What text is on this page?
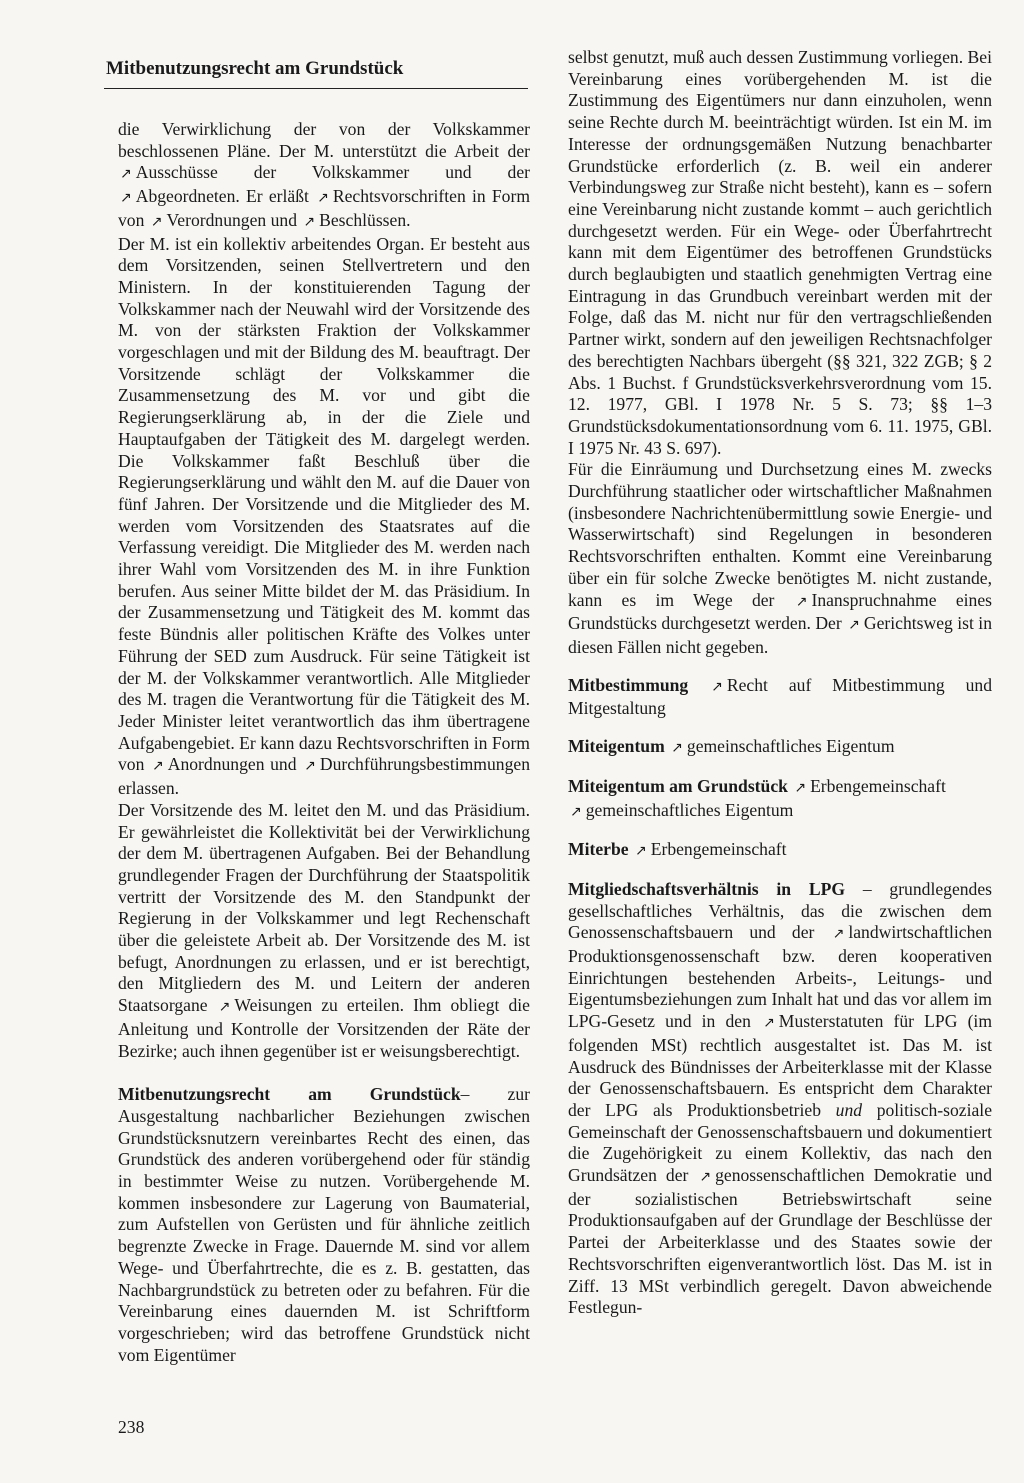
Mitbenutzungsrecht am Grundstück

die Verwirklichung der von der Volkskammer beschlossenen Pläne. Der M. unterstützt die Arbeit der ↗ Ausschüsse der Volkskammer und der ↗ Abgeordneten. Er erläßt ↗ Rechtsvorschriften in Form von ↗ Verordnungen und ↗ Beschlüssen.

Der M. ist ein kollektiv arbeitendes Organ. Er besteht aus dem Vorsitzenden, seinen Stellvertretern und den Ministern. In der konstituierenden Tagung der Volkskammer nach der Neuwahl wird der Vorsitzende des M. von der stärksten Fraktion der Volkskammer vorgeschlagen und mit der Bildung des M. beauftragt. Der Vorsitzende schlägt der Volkskammer die Zusammensetzung des M. vor und gibt die Regierungserklärung ab, in der die Ziele und Hauptaufgaben der Tätigkeit des M. dargelegt werden. Die Volkskammer faßt Beschluß über die Regierungserklärung und wählt den M. auf die Dauer von fünf Jahren. Der Vorsitzende und die Mitglieder des M. werden vom Vorsitzenden des Staatsrates auf die Verfassung vereidigt. Die Mitglieder des M. werden nach ihrer Wahl vom Vorsitzenden des M. in ihre Funktion berufen. Aus seiner Mitte bildet der M. das Präsidium. In der Zusammensetzung und Tätigkeit des M. kommt das feste Bündnis aller politischen Kräfte des Volkes unter Führung der SED zum Ausdruck. Für seine Tätigkeit ist der M. der Volkskammer verantwortlich. Alle Mitglieder des M. tragen die Verantwortung für die Tätigkeit des M. Jeder Minister leitet verantwortlich das ihm übertragene Aufgabengebiet. Er kann dazu Rechtsvorschriften in Form von ↗ Anordnungen und ↗ Durchführungsbestimmungen erlassen.

Der Vorsitzende des M. leitet den M. und das Präsidium. Er gewährleistet die Kollektivität bei der Verwirklichung der dem M. übertragenen Aufgaben. Bei der Behandlung grundlegender Fragen der Durchführung der Staatspolitik vertritt der Vorsitzende des M. den Standpunkt der Regierung in der Volkskammer und legt Rechenschaft über die geleistete Arbeit ab. Der Vorsitzende des M. ist befugt, Anordnungen zu erlassen, und er ist berechtigt, den Mitgliedern des M. und Leitern der anderen Staatsorgane ↗ Weisungen zu erteilen. Ihm obliegt die Anleitung und Kontrolle der Vorsitzenden der Räte der Bezirke; auch ihnen gegenüber ist er weisungsberechtigt.

Mitbenutzungsrecht am Grundstück– zur Ausgestaltung nachbarlicher Beziehungen zwischen Grundstücksnutzern vereinbartes Recht des einen, das Grundstück des anderen vorübergehend oder für ständig in bestimmter Weise zu nutzen. Vorübergehende M. kommen insbesondere zur Lagerung von Baumaterial, zum Aufstellen von Gerüsten und für ähnliche zeitlich begrenzte Zwecke in Frage. Dauernde M. sind vor allem Wege- und Überfahrtrechte, die es z. B. gestatten, das Nachbargrundstück zu betreten oder zu befahren. Für die Vereinbarung eines dauernden M. ist Schriftform vorgeschrieben; wird das betroffene Grundstück nicht vom Eigentümer

selbst genutzt, muß auch dessen Zustimmung vorliegen. Bei Vereinbarung eines vorübergehenden M. ist die Zustimmung des Eigentümers nur dann einzuholen, wenn seine Rechte durch M. beeinträchtigt würden. Ist ein M. im Interesse der ordnungsgemäßen Nutzung benachbarter Grundstücke erforderlich (z. B. weil ein anderer Verbindungsweg zur Straße nicht besteht), kann es – sofern eine Vereinbarung nicht zustande kommt – auch gerichtlich durchgesetzt werden. Für ein Wege- oder Überfahrtrecht kann mit dem Eigentümer des betroffenen Grundstücks durch beglaubigten und staatlich genehmigten Vertrag eine Eintragung in das Grundbuch vereinbart werden mit der Folge, daß das M. nicht nur für den vertragschließenden Partner wirkt, sondern auf den jeweiligen Rechtsnachfolger des berechtigten Nachbars übergeht (§§ 321, 322 ZGB; § 2 Abs. 1 Buchst. f Grundstücksverkehrsverordnung vom 15. 12. 1977, GBl. I 1978 Nr. 5 S. 73; §§ 1–3 Grundstücksdokumentationsordnung vom 6. 11. 1975, GBl. I 1975 Nr. 43 S. 697).

Für die Einräumung und Durchsetzung eines M. zwecks Durchführung staatlicher oder wirtschaftlicher Maßnahmen (insbesondere Nachrichtenübermittlung sowie Energie- und Wasserwirtschaft) sind Regelungen in besonderen Rechtsvorschriften enthalten. Kommt eine Vereinbarung über ein für solche Zwecke benötigtes M. nicht zustande, kann es im Wege der ↗ Inanspruchnahme eines Grundstücks durchgesetzt werden. Der ↗ Gerichtsweg ist in diesen Fällen nicht gegeben.

Mitbestimmung ↗ Recht auf Mitbestimmung und Mitgestaltung

Miteigentum ↗ gemeinschaftliches Eigentum

Miteigentum am Grundstück ↗ Erbengemeinschaft
↗ gemeinschaftliches Eigentum

Miterbe ↗ Erbengemeinschaft

Mitgliedschaftsverhältnis in LPG – grundlegendes gesellschaftliches Verhältnis, das die zwischen dem Genossenschaftsbauern und der ↗ landwirtschaftlichen Produktionsgenossenschaft bzw. deren kooperativen Einrichtungen bestehenden Arbeits-, Leitungs- und Eigentumsbeziehungen zum Inhalt hat und das vor allem im LPG-Gesetz und in den ↗ Musterstatuten für LPG (im folgenden MSt) rechtlich ausgestaltet ist. Das M. ist Ausdruck des Bündnisses der Arbeiterklasse mit der Klasse der Genossenschaftsbauern. Es entspricht dem Charakter der LPG als Produktionsbetrieb und politisch-soziale Gemeinschaft der Genossenschaftsbauern und dokumentiert die Zugehörigkeit zu einem Kollektiv, das nach den Grundsätzen der ↗ genossenschaftlichen Demokratie und der sozialistischen Betriebswirtschaft seine Produktionsaufgaben auf der Grundlage der Beschlüsse der Partei der Arbeiterklasse und des Staates sowie der Rechtsvorschriften eigenverantwortlich löst. Das M. ist in Ziff. 13 MSt verbindlich geregelt. Davon abweichende Festlegun-

238
